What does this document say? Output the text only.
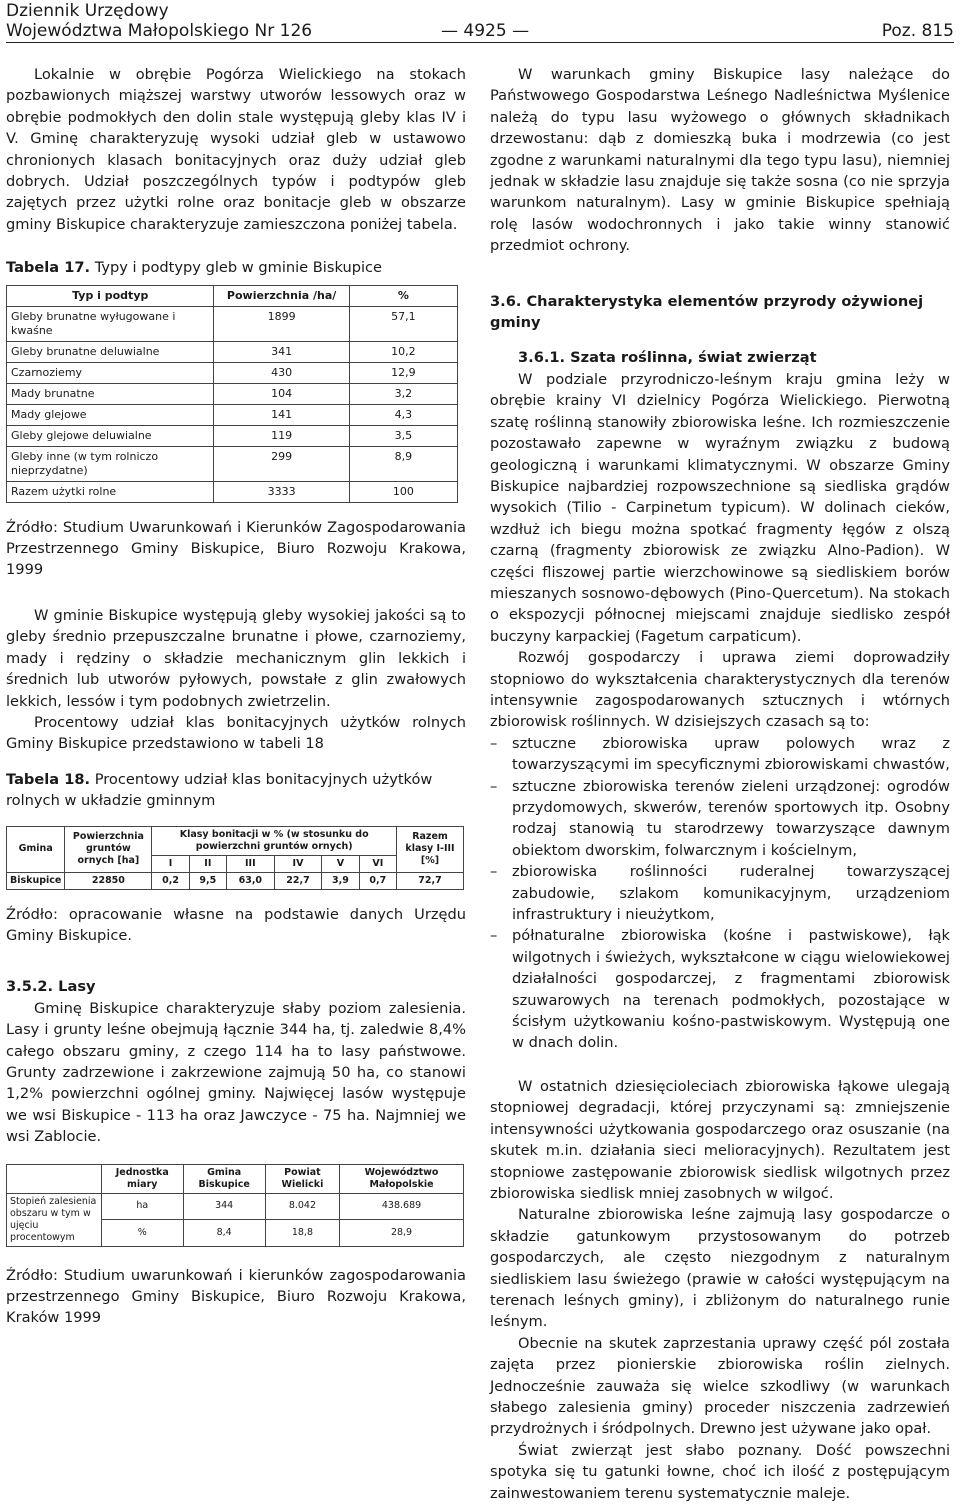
Dziennik Urzędowy
Województwa Małopolskiego Nr 126	— 4925 —	Poz. 815

Lokalnie w obrębie Pogórza Wielickiego na stokach pozbawionych miąższej warstwy utworów lessowych oraz w obrębie podmokłych den dolin stale występują gleby klas IV i V. Gminę charakteryzuję wysoki udział gleb w ustawowo chronionych klasach bonitacyjnych oraz duży udział gleb dobrych. Udział poszczególnych typów i podtypów gleb zajętych przez użytki rolne oraz bonitacje gleb w obszarze gminy Biskupice charakteryzuje zamieszczona poniżej tabela.

Tabela 17. Typy i podtypy gleb w gminie Biskupice
Typ i podtyp	Powierzchnia /ha/	%
Gleby brunatne wyługowane i kwaśne	1899	57,1
Gleby brunatne deluwialne	341	10,2
Czarnoziemy	430	12,9
Mady brunatne	104	3,2
Mady glejowe	141	4,3
Gleby glejowe deluwialne	119	3,5
Gleby inne (w tym rolniczo nieprzydatne)	299	8,9
Razem użytki rolne	3333	100

Źródło: Studium Uwarunkowań i Kierunków Zagospodarowania Przestrzennego Gminy Biskupice, Biuro Rozwoju Krakowa, 1999

W gminie Biskupice występują gleby wysokiej jakości są to gleby średnio przepuszczalne brunatne i płowe, czarnoziemy, mady i rędziny o składzie mechanicznym glin lekkich i średnich lub utworów pyłowych, powstałe z glin zwałowych lekkich, lessów i tym podobnych zwietrzelin.

Procentowy udział klas bonitacyjnych użytków rolnych Gminy Biskupice przedstawiono w tabeli 18

Tabela 18. Procentowy udział klas bonitacyjnych użytków rolnych w układzie gminnym
Gmina	Powierzchnia gruntów ornych [ha]	Klasy bonitacji w % (w stosunku do powierzchni gruntów ornych)						Razem klasy I-III [%]
		I	II	III	IV	V	VI	
Biskupice	22850	0,2	9,5	63,0	22,7	3,9	0,7	72,7

Źródło: opracowanie własne na podstawie danych Urzędu Gminy Biskupice.

3.5.2. Lasy

Gminę Biskupice charakteryzuje słaby poziom zalesienia. Lasy i grunty leśne obejmują łącznie 344 ha, tj. zaledwie 8,4% całego obszaru gminy, z czego 114 ha to lasy państwowe. Grunty zadrzewione i zakrzewione zajmują 50 ha, co stanowi 1,2% powierzchni ogólnej gminy. Najwięcej lasów występuje we wsi Biskupice - 113 ha oraz Jawczyce - 75 ha. Najmniej we wsi Zablocie.

	Jednostka miary	Gmina Biskupice	Powiat Wielicki	Województwo Małopolskie
Stopień zalesienia obszaru w tym w ujęciu procentowym	ha	344	8.042	438.689
	%	8,4	18,8	28,9

Źródło: Studium uwarunkowań i kierunków zagospodarowania przestrzennego Gminy Biskupice, Biuro Rozwoju Krakowa, Kraków 1999

W warunkach gminy Biskupice lasy należące do Państwowego Gospodarstwa Leśnego Nadleśnictwa Myślenice należą do typu lasu wyżowego o głównych składnikach drzewostanu: dąb z domieszką buka i modrzewia (co jest zgodne z warunkami naturalnymi dla tego typu lasu), niemniej jednak w składzie lasu znajduje się także sosna (co nie sprzyja warunkom naturalnym). Lasy w gminie Biskupice spełniają rolę lasów wodochronnych i jako takie winny stanowić przedmiot ochrony.

3.6. Charakterystyka elementów przyrody ożywionej gminy
3.6.1. Szata roślinna, świat zwierząt

W podziale przyrodniczo-leśnym kraju gmina leży w obrębie krainy VI dzielnicy Pogórza Wielickiego. Pierwotną szatę roślinną stanowiły zbiorowiska leśne. Ich rozmieszczenie pozostawało zapewne w wyraźnym związku z budową geologiczną i warunkami klimatycznymi. W obszarze Gminy Biskupice najbardziej rozpowszechnione są siedliska grądów wysokich (Tilio - Carpinetum typicum). W dolinach cieków, wzdłuż ich biegu można spotkać fragmenty łęgów z olszą czarną (fragmenty zbiorowisk ze związku Alno-Padion). W części fliszowej partie wierzchowinowe są siedliskiem borów mieszanych sosnowo-dębowych (Pino-Quercetum). Na stokach o ekspozycji północnej miejscami znajduje siedlisko zespół buczyny karpackiej (Fagetum carpaticum).

Rozwój gospodarczy i uprawa ziemi doprowadziły stopniowo do wykształcenia charakterystycznych dla terenów intensywnie zagospodarowanych sztucznych i wtórnych zbiorowisk roślinnych. W dzisiejszych czasach są to:

– sztuczne zbiorowiska upraw polowych wraz z towarzyszącymi im specyficznymi zbiorowiskami chwastów,
– sztuczne zbiorowiska terenów zieleni urządzonej: ogrodów przydomowych, skwerów, terenów sportowych itp. Osobny rodzaj stanowią tu starodrzewy towarzyszące dawnym obiektom dworskim, folwarcznym i kościelnym,
– zbiorowiska roślinności ruderalnej towarzyszącej zabudowie, szlakom komunikacyjnym, urządzeniom infrastruktury i nieużytkom,
– półnaturalne zbiorowiska (kośne i pastwiskowe), łąk wilgotnych i świeżych, wykształcone w ciągu wielowiekowej działalności gospodarczej, z fragmentami zbiorowisk szuwarowych na terenach podmokłych, pozostające w ścisłym użytkowaniu kośno-pastwiskowym. Występują one w dnach dolin.

W ostatnich dziesięcioleciach zbiorowiska łąkowe ulegają stopniowej degradacji, której przyczynami są: zmniejszenie intensywności użytkowania gospodarczego oraz osuszanie (na skutek m.in. działania sieci melioracyjnych). Rezultatem jest stopniowe zastępowanie zbiorowisk siedlisk wilgotnych przez zbiorowiska siedlisk mniej zasobnych w wilgoć.

Naturalne zbiorowiska leśne zajmują lasy gospodarcze o składzie gatunkowym przystosowanym do potrzeb gospodarczych, ale często niezgodnym z naturalnym siedliskiem lasu świeżego (prawie w całości występującym na terenach leśnych gminy), i zbliżonym do naturalnego runie leśnym.

Obecnie na skutek zaprzestania uprawy część pól została zajęta przez pionierskie zbiorowiska roślin zielnych. Jednocześnie zauważa się wielce szkodliwy (w warunkach słabego zalesienia gminy) proceder niszczenia zadrzewień przydrożnych i śródpolnych. Drewno jest używane jako opał.

Świat zwierząt jest słabo poznany. Dość powszechni spotyka się tu gatunki łowne, choć ich ilość z postępującym zainwestowaniem terenu systematycznie maleje.
